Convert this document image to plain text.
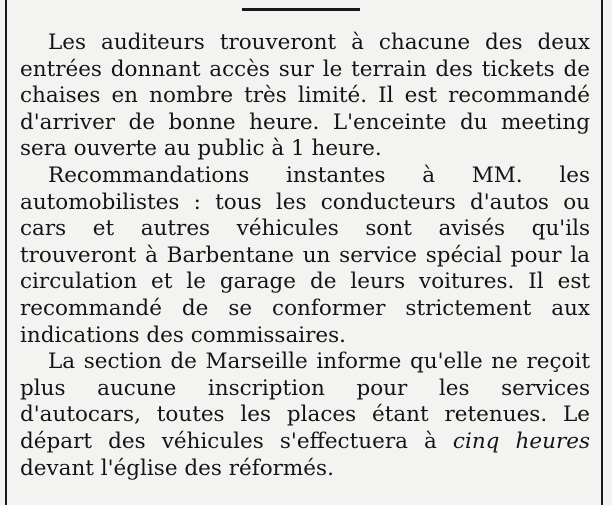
Les auditeurs trouveront à chacune des deux entrées donnant accès sur le terrain des tickets de chaises en nombre très limité. Il est recommandé d'arriver de bonne heure. L'enceinte du meeting sera ouverte au public à 1 heure.

Recommandations instantes à MM. les automobilistes : tous les conducteurs d'autos ou cars et autres véhicules sont avisés qu'ils trouveront à Barbentane un service spécial pour la circulation et le garage de leurs voitures. Il est recommandé de se conformer strictement aux indications des commissaires.

La section de Marseille informe qu'elle ne reçoit plus aucune inscription pour les services d'autocars, toutes les places étant retenues. Le départ des véhicules s'effectuera à cinq heures devant l'église des réformés.
